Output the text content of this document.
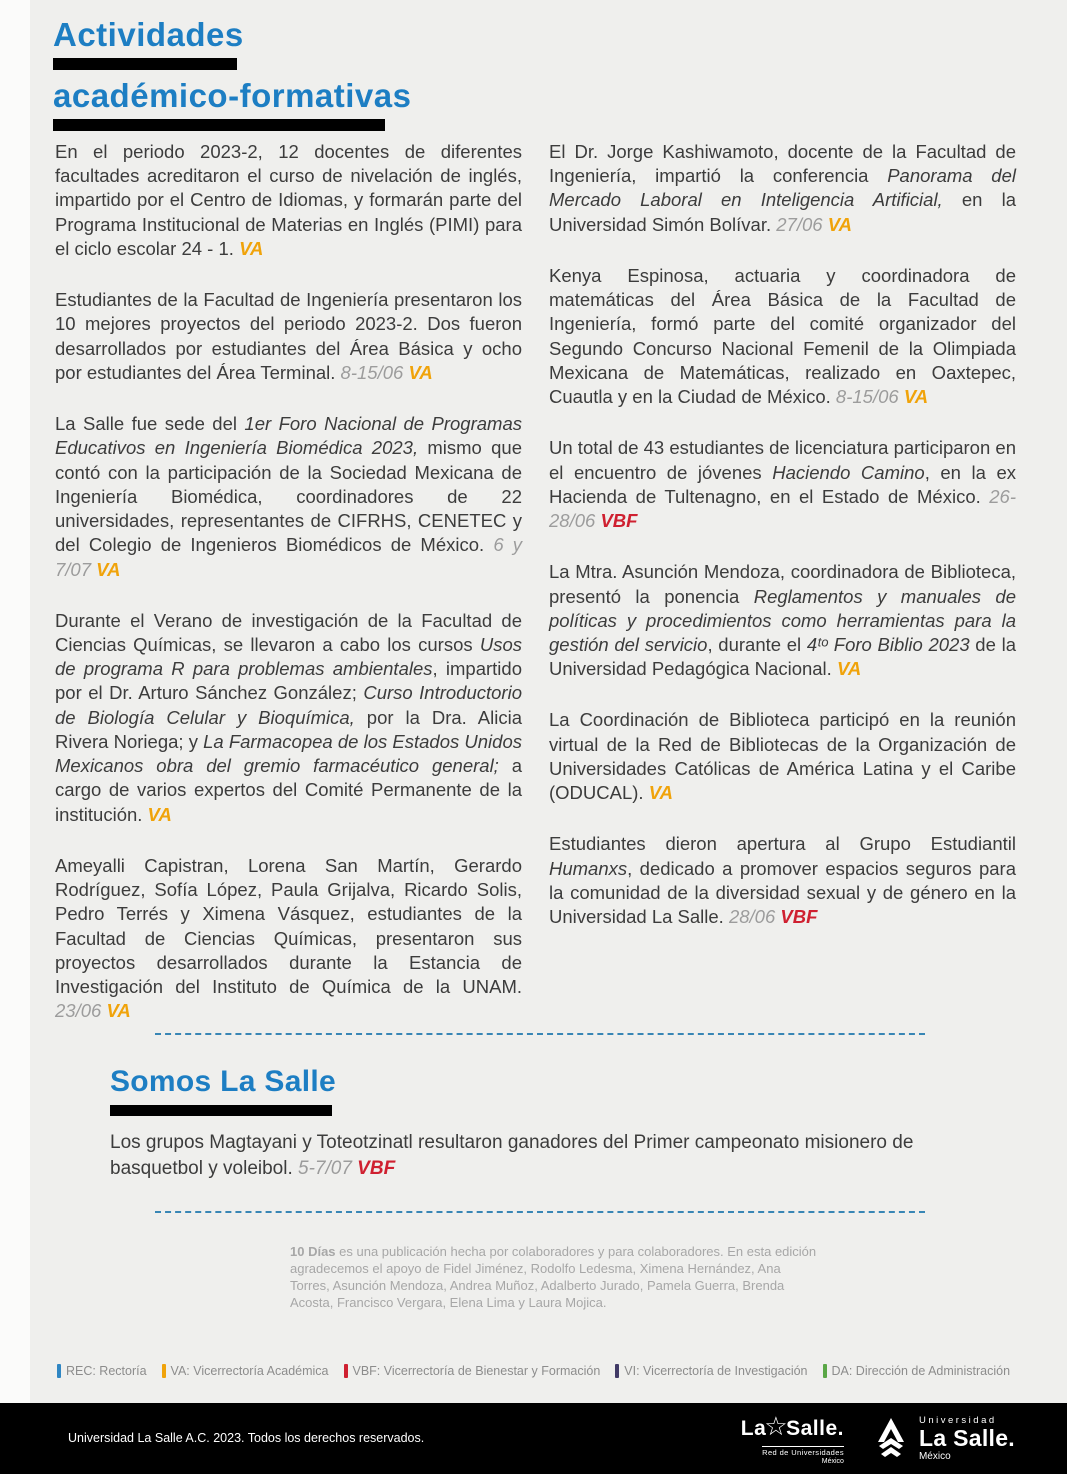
Actividades
académico-formativas

En el periodo 2023-2, 12 docentes de diferentes facultades acreditaron el curso de nivelación de inglés, impartido por el Centro de Idiomas, y formarán parte del Programa Institucional de Materias en Inglés (PIMI) para el ciclo escolar 24 - 1. VA

Estudiantes de la Facultad de Ingeniería presentaron los 10 mejores proyectos del periodo 2023-2. Dos fueron desarrollados por estudiantes del Área Básica y ocho por estudiantes del Área Terminal. 8-15/06 VA

La Salle fue sede del 1er Foro Nacional de Programas Educativos en Ingeniería Biomédica 2023, mismo que contó con la participación de la Sociedad Mexicana de Ingeniería Biomédica, coordinadores de 22 universidades, representantes de CIFRHS, CENETEC y del Colegio de Ingenieros Biomédicos de México. 6 y 7/07 VA

Durante el Verano de investigación de la Facultad de Ciencias Químicas, se llevaron a cabo los cursos Usos de programa R para problemas ambientales, impartido por el Dr. Arturo Sánchez González; Curso Introductorio de Biología Celular y Bioquímica, por la Dra. Alicia Rivera Noriega; y La Farmacopea de los Estados Unidos Mexicanos obra del gremio farmacéutico general; a cargo de varios expertos del Comité Permanente de la institución. VA

Ameyalli Capistran, Lorena San Martín, Gerardo Rodríguez, Sofía López, Paula Grijalva, Ricardo Solis, Pedro Terrés y Ximena Vásquez, estudiantes de la Facultad de Ciencias Químicas, presentaron sus proyectos desarrollados durante la Estancia de Investigación del Instituto de Química de la UNAM. 23/06 VA

El Dr. Jorge Kashiwamoto, docente de la Facultad de Ingeniería, impartió la conferencia Panorama del Mercado Laboral en Inteligencia Artificial, en la Universidad Simón Bolívar. 27/06 VA

Kenya Espinosa, actuaria y coordinadora de matemáticas del Área Básica de la Facultad de Ingeniería, formó parte del comité organizador del Segundo Concurso Nacional Femenil de la Olimpiada Mexicana de Matemáticas, realizado en Oaxtepec, Cuautla y en la Ciudad de México. 8-15/06 VA

Un total de 43 estudiantes de licenciatura participaron en el encuentro de jóvenes Haciendo Camino, en la ex Hacienda de Tultenagno, en el Estado de México. 26-28/06 VBF

La Mtra. Asunción Mendoza, coordinadora de Biblioteca, presentó la ponencia Reglamentos y manuales de políticas y procedimientos como herramientas para la gestión del servicio, durante el 4ᵗᵒ Foro Biblio 2023 de la Universidad Pedagógica Nacional. VA

La Coordinación de Biblioteca participó en la reunión virtual de la Red de Bibliotecas de la Organización de Universidades Católicas de América Latina y el Caribe (ODUCAL). VA

Estudiantes dieron apertura al Grupo Estudiantil Humanxs, dedicado a promover espacios seguros para la comunidad de la diversidad sexual y de género en la Universidad La Salle. 28/06 VBF

Somos La Salle

Los grupos Magtayani y Toteotzinatl resultaron ganadores del Primer campeonato misionero de basquetbol y voleibol. 5-7/07 VBF

10 Días es una publicación hecha por colaboradores y para colaboradores. En esta edición agradecemos el apoyo de Fidel Jiménez, Rodolfo Ledesma, Ximena Hernández, Ana Torres, Asunción Mendoza, Andrea Muñoz, Adalberto Jurado, Pamela Guerra, Brenda Acosta, Francisco Vergara, Elena Lima y Laura Mojica.

REC: Rectoría VA: Vicerrectoría Académica VBF: Vicerrectoría de Bienestar y Formación VI: Vicerrectoría de Investigación DA: Dirección de Administración
Universidad La Salle A.C. 2023. Todos los derechos reservados.	La
☆
Salle.
Red de Universidades
México
Universidad
La Salle.
México
